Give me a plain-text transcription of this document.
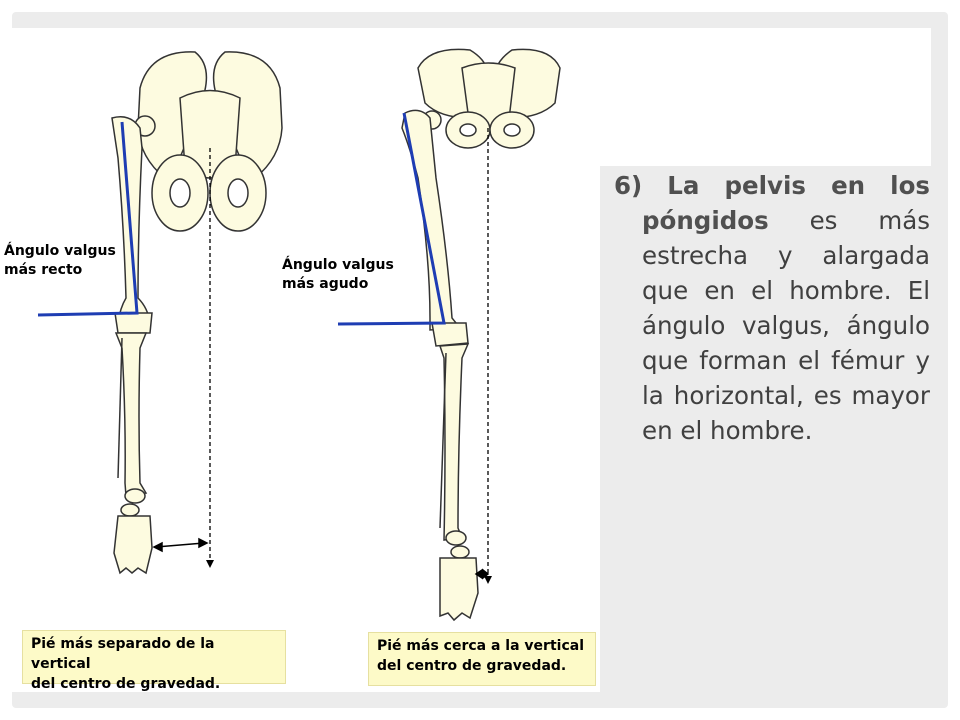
Ángulo valgus
más recto	Ángulo valgus
más agudo
Pié más separado de la vertical
del centro de gravedad.
Pié más cerca a la vertical
del centro de gravedad.

6) La pelvis en los póngidos es más estrecha y alargada que en el hombre. El ángulo valgus, ángulo que forman el fémur y la horizontal, es mayor en el hombre.
